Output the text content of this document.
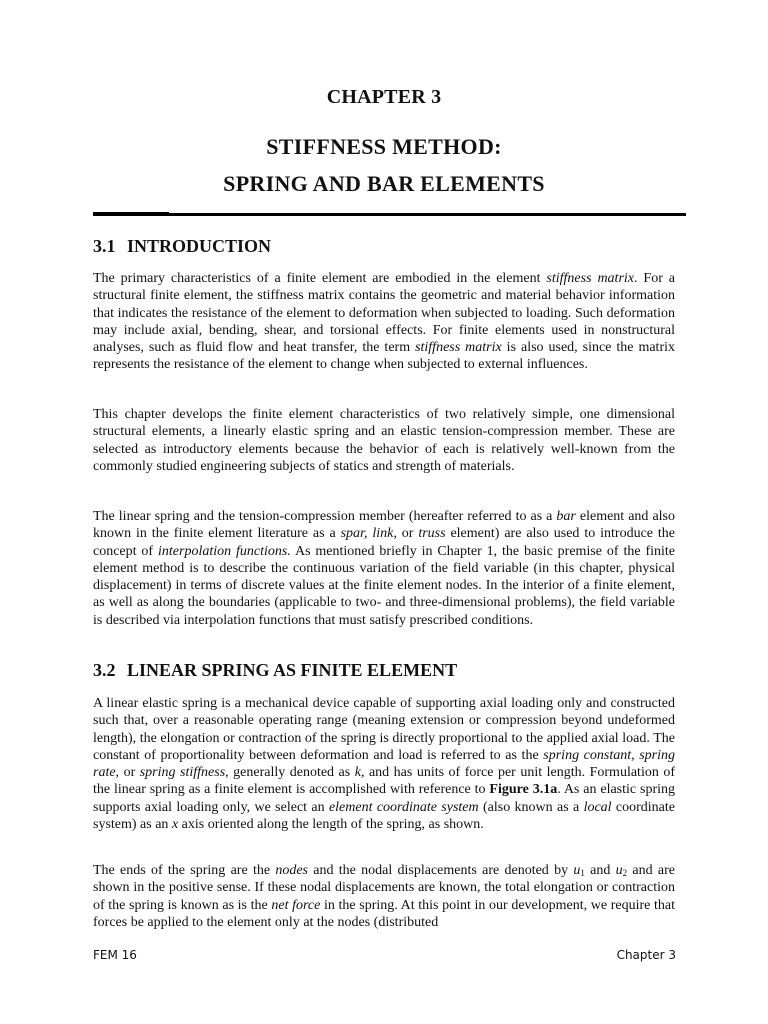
CHAPTER 3
STIFFNESS METHOD:
SPRING AND BAR ELEMENTS
3.1 INTRODUCTION

The primary characteristics of a finite element are embodied in the element stiffness matrix. For a structural finite element, the stiffness matrix contains the geometric and material behavior information that indicates the resistance of the element to deformation when subjected to loading. Such deformation may include axial, bending, shear, and torsional effects. For finite elements used in nonstructural analyses, such as fluid flow and heat transfer, the term stiffness matrix is also used, since the matrix represents the resistance of the element to change when subjected to external influences.

This chapter develops the finite element characteristics of two relatively simple, one dimensional structural elements, a linearly elastic spring and an elastic tension-compression member. These are selected as introductory elements because the behavior of each is relatively well-known from the commonly studied engineering subjects of statics and strength of materials.

The linear spring and the tension-compression member (hereafter referred to as a bar element and also known in the finite element literature as a spar, link, or truss element) are also used to introduce the concept of interpolation functions. As mentioned briefly in Chapter 1, the basic premise of the finite element method is to describe the continuous variation of the field variable (in this chapter, physical displacement) in terms of discrete values at the finite element nodes. In the interior of a finite element, as well as along the boundaries (applicable to two- and three-dimensional problems), the field variable is described via interpolation functions that must satisfy prescribed conditions.

3.2 LINEAR SPRING AS FINITE ELEMENT

A linear elastic spring is a mechanical device capable of supporting axial loading only and constructed such that, over a reasonable operating range (meaning extension or compression beyond undeformed length), the elongation or contraction of the spring is directly proportional to the applied axial load. The constant of proportionality between deformation and load is referred to as the spring constant, spring rate, or spring stiffness, generally denoted as k, and has units of force per unit length. Formulation of the linear spring as a finite element is accomplished with reference to Figure 3.1a. As an elastic spring supports axial loading only, we select an element coordinate system (also known as a local coordinate system) as an x axis oriented along the length of the spring, as shown.

The ends of the spring are the nodes and the nodal displacements are denoted by $u_1$ and $u_2$ and are shown in the positive sense. If these nodal displacements are known, the total elongation or contraction of the spring is known as is the net force in the spring. At this point in our development, we require that forces be applied to the element only at the nodes (distributed

FEM 16	Chapter 3
